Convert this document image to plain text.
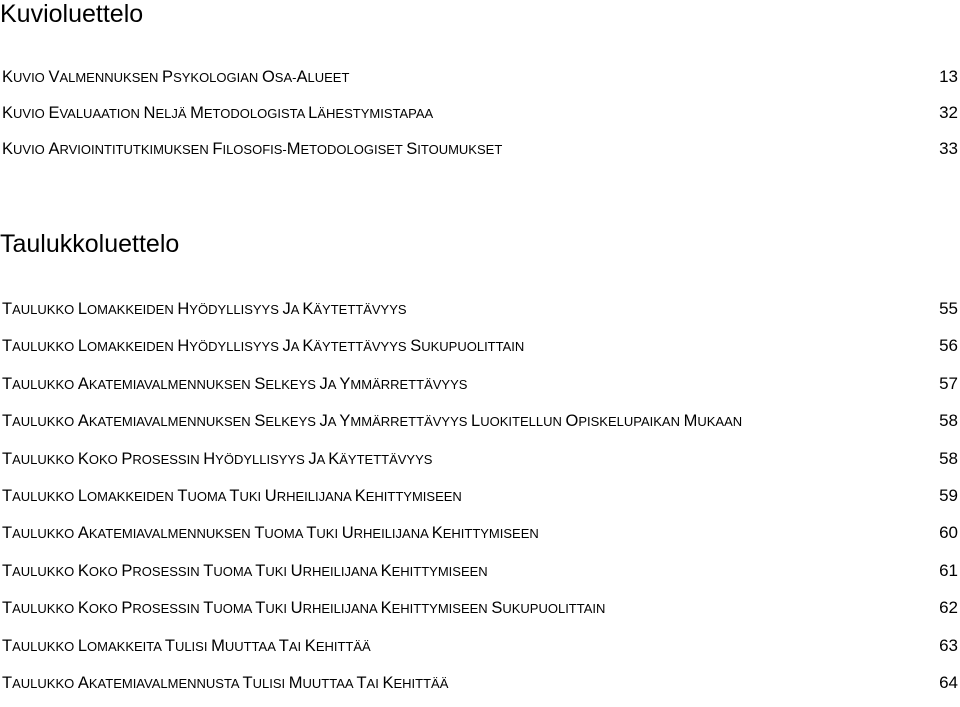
Kuvioluettelo
KUVIO VALMENNUKSEN PSYKOLOGIAN OSA-ALUEET	13
KUVIO EVALUAATION NELJÄ METODOLOGISTA LÄHESTYMISTAPAA	32
KUVIO ARVIOINTITUTKIMUKSEN FILOSOFIS-METODOLOGISET SITOUMUKSET	33
Taulukkoluettelo
TAULUKKO LOMAKKEIDEN HYÖDYLLISYYS JA KÄYTETTÄVYYS	55
TAULUKKO LOMAKKEIDEN HYÖDYLLISYYS JA KÄYTETTÄVYYS SUKUPUOLITTAIN	56
TAULUKKO AKATEMIAVALMENNUKSEN SELKEYS JA YMMÄRRETTÄVYYS	57
TAULUKKO AKATEMIAVALMENNUKSEN SELKEYS JA YMMÄRRETTÄVYYS LUOKITELLUN OPISKELUPAIKAN MUKAAN	58
TAULUKKO KOKO PROSESSIN HYÖDYLLISYYS JA KÄYTETTÄVYYS	58
TAULUKKO LOMAKKEIDEN TUOMA TUKI URHEILIJANA KEHITTYMISEEN	59
TAULUKKO AKATEMIAVALMENNUKSEN TUOMA TUKI URHEILIJANA KEHITTYMISEEN	60
TAULUKKO KOKO PROSESSIN TUOMA TUKI URHEILIJANA KEHITTYMISEEN	61
TAULUKKO KOKO PROSESSIN TUOMA TUKI URHEILIJANA KEHITTYMISEEN SUKUPUOLITTAIN	62
TAULUKKO LOMAKKEITA TULISI MUUTTAA TAI KEHITTÄÄ	63
TAULUKKO AKATEMIAVALMENNUSTA TULISI MUUTTAA TAI KEHITTÄÄ	64
